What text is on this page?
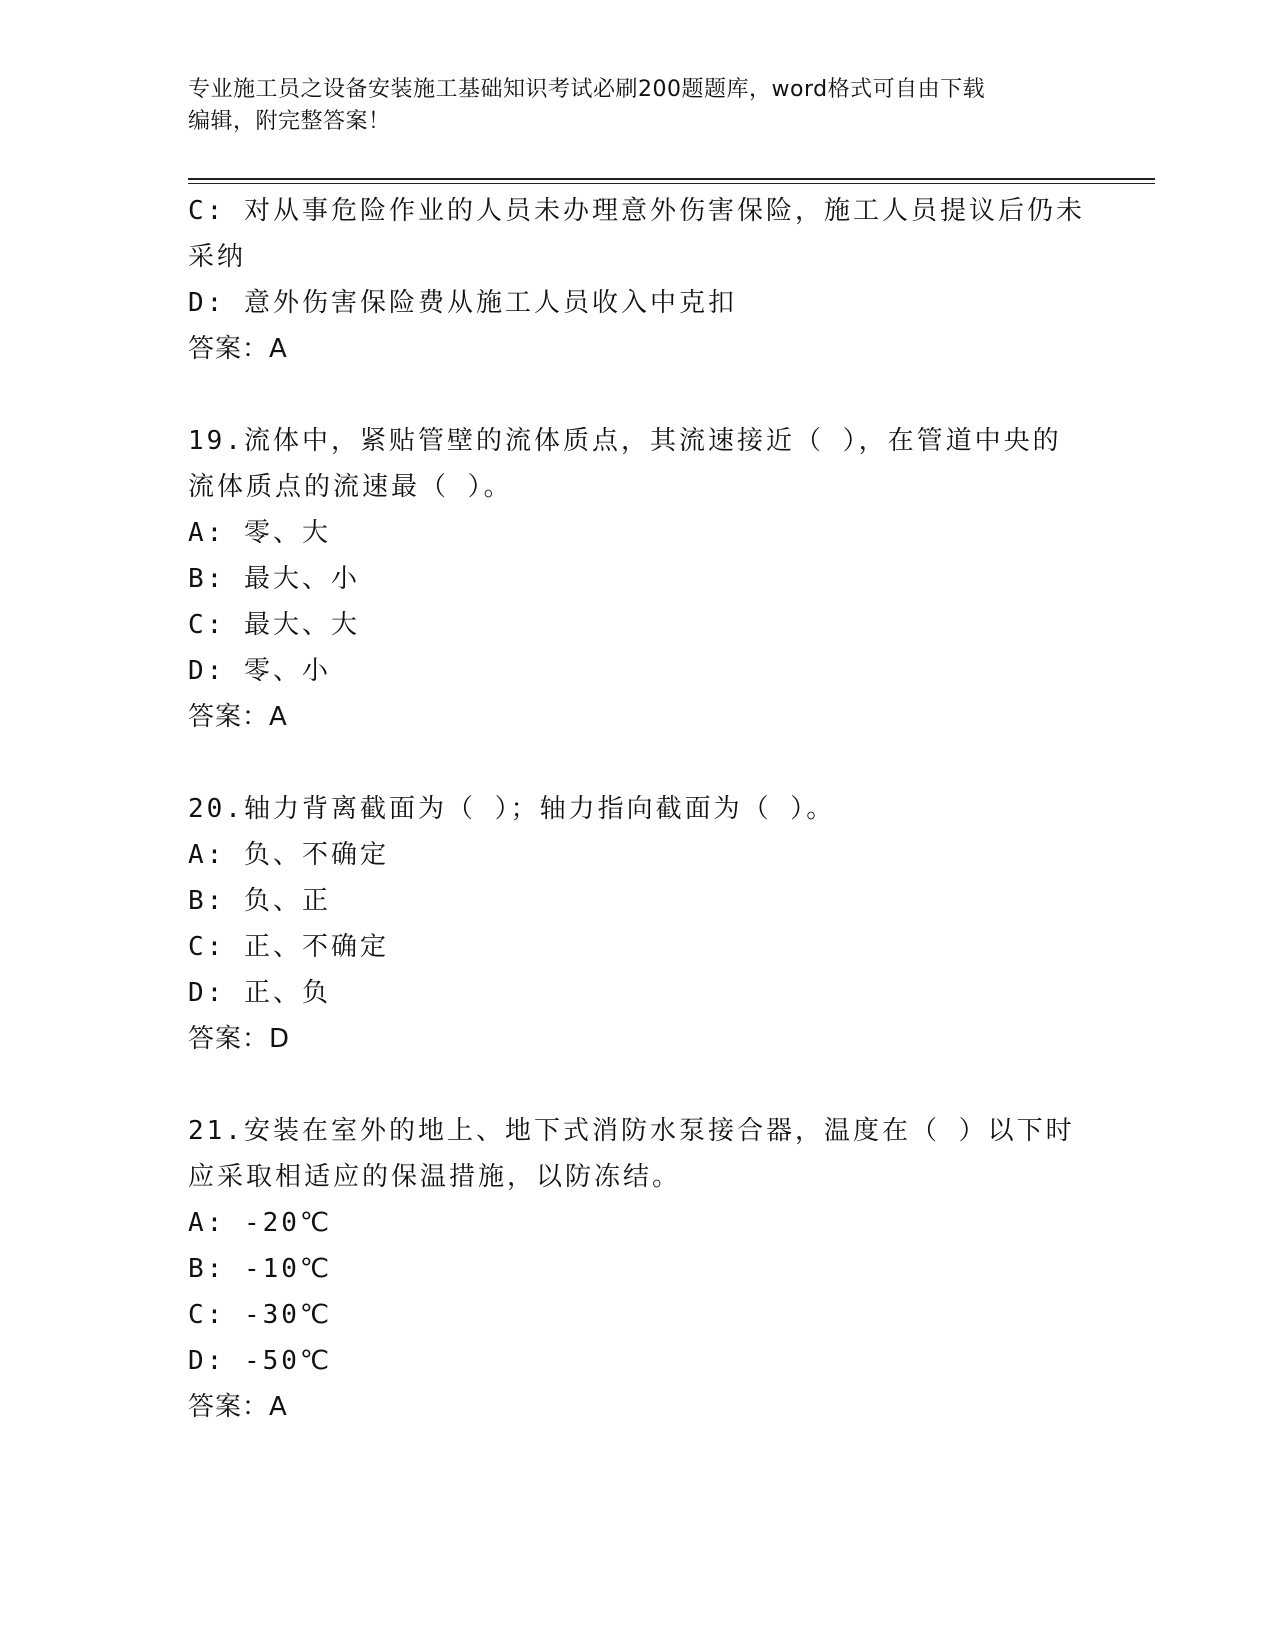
专业施工员之设备安装施工基础知识考试必刷200题题库，word格式可自由下载
编辑，附完整答案！
C: 对从事危险作业的人员未办理意外伤害保险，施工人员提议后仍未
采纳
D: 意外伤害保险费从施工人员收入中克扣
答案：A
19.流体中，紧贴管壁的流体质点，其流速接近（ ），在管道中央的
流体质点的流速最（ ）。
A: 零、大
B: 最大、小
C: 最大、大
D: 零、小
答案：A
20.轴力背离截面为（ ）；轴力指向截面为（ ）。
A: 负、不确定
B: 负、正
C: 正、不确定
D: 正、负
答案：D
21.安装在室外的地上、地下式消防水泵接合器，温度在（ ）以下时
应采取相适应的保温措施，以防冻结。
A: -20℃
B: -10℃
C: -30℃
D: -50℃
答案：A
